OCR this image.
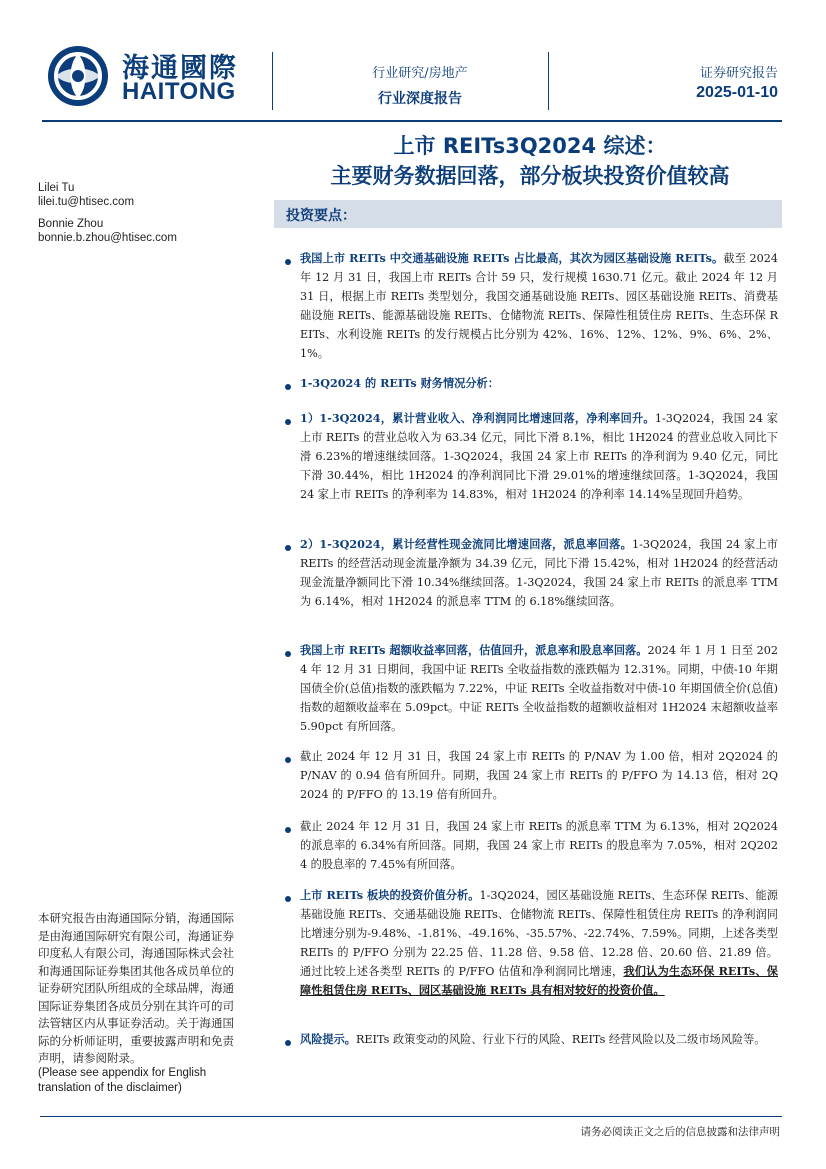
海通國際
HAITONG
行业研究/房地产
行业深度报告
证券研究报告
2025-01-10
上市 REITs3Q2024 综述：
主要财务数据回落，部分板块投资价值较高
Lilei Tu
lilei.tu@htisec.com
Bonnie Zhou
bonnie.b.zhou@htisec.com
投资要点：
我国上市 REITs 中交通基础设施 REITs 占比最高，其次为园区基础设施 REITs。截至 2024 年 12 月 31 日，我国上市 REITs 合计 59 只，发行规模 1630.71 亿元。截止 2024 年 12 月 31 日，根据上市 REITs 类型划分，我国交通基础设施 REITs、园区基础设施 REITs、消费基础设施 REITs、能源基础设施 REITs、仓储物流 REITs、保障性租赁住房 REITs、生态环保 REITs、水利设施 REITs 的发行规模占比分别为 42%、16%、12%、12%、9%、6%、2%、1%。
1-3Q2024 的 REITs 财务情况分析：
1）1-3Q2024，累计营业收入、净利润同比增速回落，净利率回升。1-3Q2024，我国 24 家上市 REITs 的营业总收入为 63.34 亿元，同比下滑 8.1%，相比 1H2024 的营业总收入同比下滑 6.23%的增速继续回落。1-3Q2024，我国 24 家上市 REITs 的净利润为 9.40 亿元，同比下滑 30.44%，相比 1H2024 的净利润同比下滑 29.01%的增速继续回落。1-3Q2024，我国 24 家上市 REITs 的净利率为 14.83%，相对 1H2024 的净利率 14.14%呈现回升趋势。
2）1-3Q2024，累计经营性现金流同比增速回落，派息率回落。1-3Q2024，我国 24 家上市 REITs 的经营活动现金流量净额为 34.39 亿元，同比下滑 15.42%，相对 1H2024 的经营活动现金流量净额同比下滑 10.34%继续回落。1-3Q2024，我国 24 家上市 REITs 的派息率 TTM 为 6.14%，相对 1H2024 的派息率 TTM 的 6.18%继续回落。
我国上市 REITs 超额收益率回落，估值回升，派息率和股息率回落。2024 年 1 月 1 日至 2024 年 12 月 31 日期间，我国中证 REITs 全收益指数的涨跌幅为 12.31%。同期，中债-10 年期国债全价(总值)指数的涨跌幅为 7.22%，中证 REITs 全收益指数对中债-10 年期国债全价(总值)指数的超额收益率在 5.09pct。中证 REITs 全收益指数的超额收益相对 1H2024 末超额收益率 5.90pct 有所回落。
截止 2024 年 12 月 31 日，我国 24 家上市 REITs 的 P/NAV 为 1.00 倍，相对 2Q2024 的 P/NAV 的 0.94 倍有所回升。同期，我国 24 家上市 REITs 的 P/FFO 为 14.13 倍，相对 2Q2024 的 P/FFO 的 13.19 倍有所回升。
截止 2024 年 12 月 31 日，我国 24 家上市 REITs 的派息率 TTM 为 6.13%，相对 2Q2024 的派息率的 6.34%有所回落。同期，我国 24 家上市 REITs 的股息率为 7.05%，相对 2Q2024 的股息率的 7.45%有所回落。
上市 REITs 板块的投资价值分析。1-3Q2024，园区基础设施 REITs、生态环保 REITs、能源基础设施 REITs、交通基础设施 REITs、仓储物流 REITs、保障性租赁住房 REITs 的净利润同比增速分别为-9.48%、-1.81%、-49.16%、-35.57%、-22.74%、7.59%。同期，上述各类型 REITs 的 P/FFO 分别为 22.25 倍、11.28 倍、9.58 倍、12.28 倍、20.60 倍、21.89 倍。通过比较上述各类型 REITs 的 P/FFO 估值和净利润同比增速，我们认为生态环保 REITs、保障性租赁住房 REITs、园区基础设施 REITs 具有相对较好的投资价值。
风险提示。REITs 政策变动的风险、行业下行的风险、REITs 经营风险以及二级市场风险等。
本研究报告由海通国际分销，海通国际是由海通国际研究有限公司，海通证券印度私人有限公司，海通国际株式会社和海通国际证券集团其他各成员单位的证券研究团队所组成的全球品牌，海通国际证券集团各成员分别在其许可的司法管辖区内从事证券活动。关于海通国际的分析师证明，重要披露声明和免责声明，请参阅附录。
(Please see appendix for English translation of the disclaimer)
请务必阅读正文之后的信息披露和法律声明
